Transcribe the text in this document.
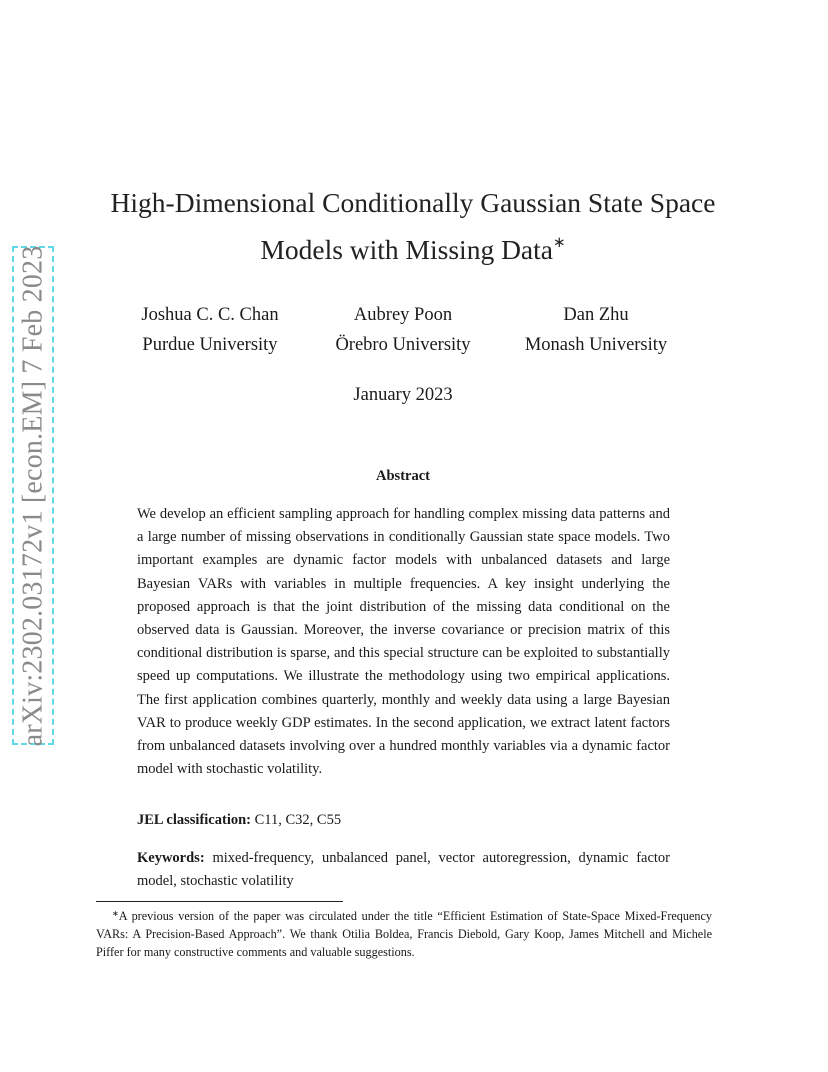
arXiv:2302.03172v1 [econ.EM] 7 Feb 2023
High-Dimensional Conditionally Gaussian State Space
Models with Missing Data∗
Joshua C. C. Chan
Purdue University
Aubrey Poon
Örebro University
Dan Zhu
Monash University
January 2023
Abstract
We develop an efficient sampling approach for handling complex missing data patterns and a large number of missing observations in conditionally Gaussian state space models. Two important examples are dynamic factor models with unbalanced datasets and large Bayesian VARs with variables in multiple frequencies. A key insight underlying the proposed approach is that the joint distribution of the missing data conditional on the observed data is Gaussian. Moreover, the inverse covariance or precision matrix of this conditional distribution is sparse, and this special structure can be exploited to substantially speed up computations. We illustrate the methodology using two empirical applications. The first application combines quarterly, monthly and weekly data using a large Bayesian VAR to produce weekly GDP estimates. In the second application, we extract latent factors from unbalanced datasets involving over a hundred monthly variables via a dynamic factor model with stochastic volatility.
JEL classification: C11, C32, C55
Keywords: mixed-frequency, unbalanced panel, vector autoregression, dynamic factor model, stochastic volatility
∗A previous version of the paper was circulated under the title “Efficient Estimation of State-Space Mixed-Frequency VARs: A Precision-Based Approach”. We thank Otilia Boldea, Francis Diebold, Gary Koop, James Mitchell and Michele Piffer for many constructive comments and valuable suggestions.
